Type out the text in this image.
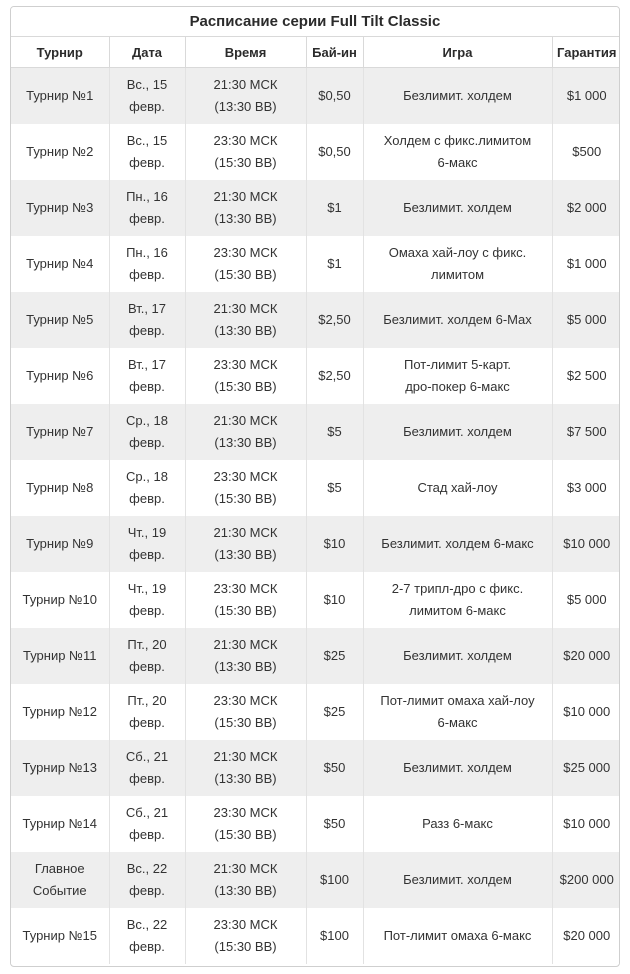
Расписание серии Full Tilt Classic
Турнир	Дата	Время	Бай-ин	Игра	Гарантия

Турнир №1	Вс., 15
февр.	21:30 МСК
(13:30 ВВ)	$0,50	Безлимит. холдем	$1 000

Турнир №2	Вс., 15
февр.	23:30 МСК
(15:30 ВВ)	$0,50	Холдем с фикс.лимитом
6-макс	$500

Турнир №3	Пн., 16
февр.	21:30 МСК
(13:30 ВВ)	$1	Безлимит. холдем	$2 000

Турнир №4	Пн., 16
февр.	23:30 МСК
(15:30 ВВ)	$1	Омаха хай-лоу с фикс.
лимитом	$1 000

Турнир №5	Вт., 17
февр.	21:30 МСК
(13:30 ВВ)	$2,50	Безлимит. холдем 6-Max	$5 000

Турнир №6	Вт., 17
февр.	23:30 МСК
(15:30 ВВ)	$2,50	Пот-лимит 5-карт.
дро-покер 6-макс	$2 500

Турнир №7	Ср., 18
февр.	21:30 МСК
(13:30 ВВ)	$5	Безлимит. холдем	$7 500

Турнир №8	Ср., 18
февр.	23:30 МСК
(15:30 ВВ)	$5	Стад хай-лоу	$3 000

Турнир №9	Чт., 19
февр.	21:30 МСК
(13:30 ВВ)	$10	Безлимит. холдем 6-макс	$10 000

Турнир №10	Чт., 19
февр.	23:30 МСК
(15:30 ВВ)	$10	2-7 трипл-дро с фикс.
лимитом 6-макс	$5 000

Турнир №11	Пт., 20
февр.	21:30 МСК
(13:30 ВВ)	$25	Безлимит. холдем	$20 000

Турнир №12	Пт., 20
февр.	23:30 МСК
(15:30 ВВ)	$25	Пот-лимит омаха хай-лоу
6-макс	$10 000

Турнир №13	Сб., 21
февр.	21:30 МСК
(13:30 ВВ)	$50	Безлимит. холдем	$25 000

Турнир №14	Сб., 21
февр.	23:30 МСК
(15:30 ВВ)	$50	Разз 6-макс	$10 000

Главное
Событие	Вс., 22
февр.	21:30 МСК
(13:30 ВВ)	$100	Безлимит. холдем	$200 000

Турнир №15	Вс., 22
февр.	23:30 МСК
(15:30 ВВ)	$100	Пот-лимит омаха 6-макс	$20 000
